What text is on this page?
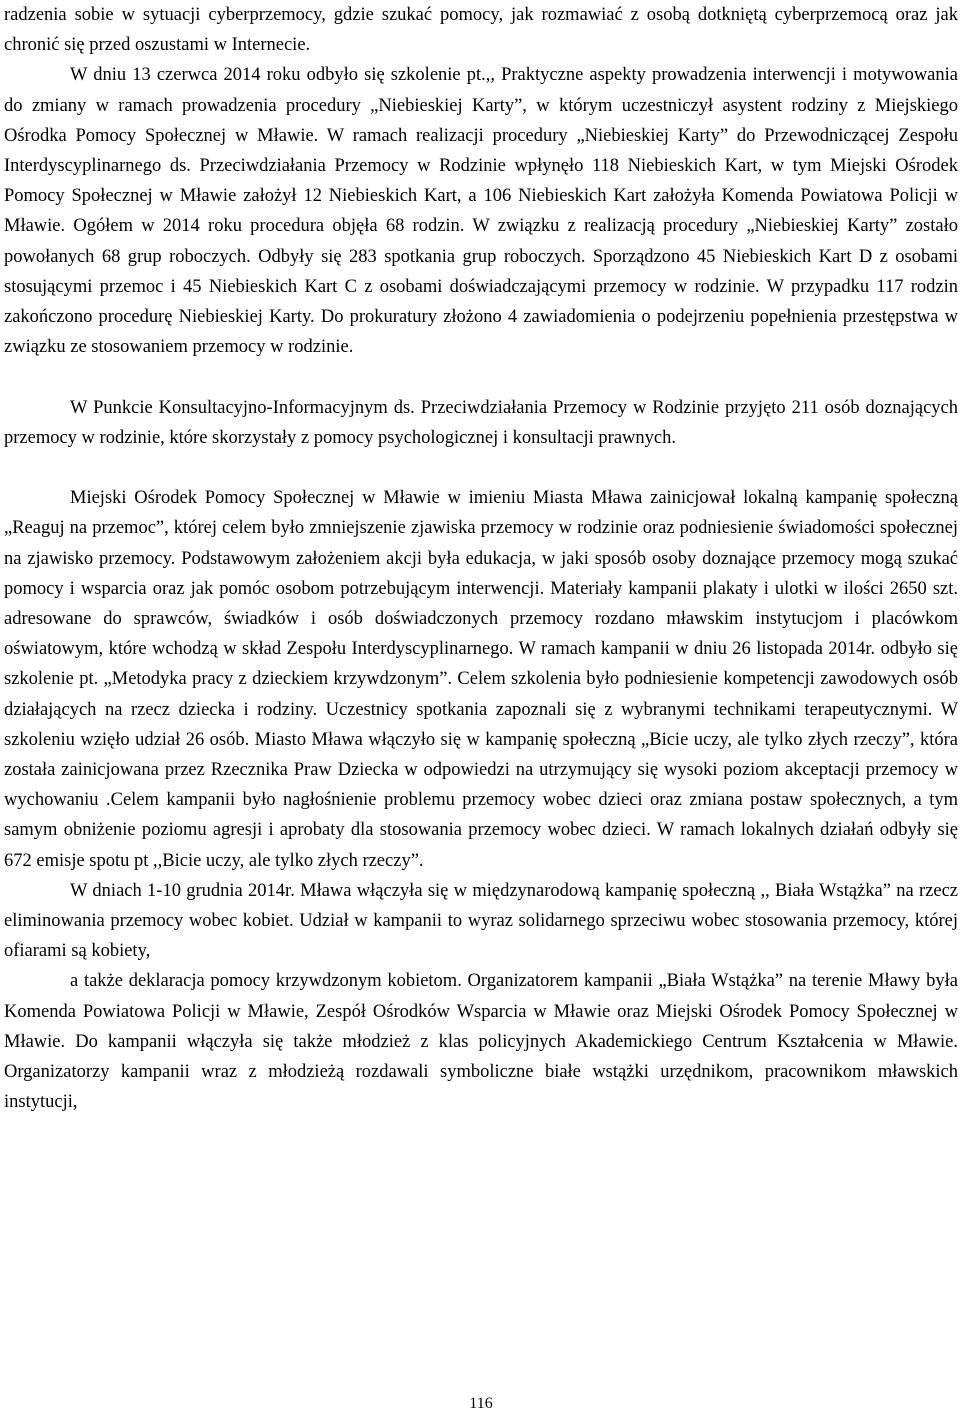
radzenia sobie w sytuacji cyberprzemocy, gdzie szukać pomocy, jak rozmawiać z osobą dotkniętą cyberprzemocą oraz jak chronić się przed oszustami w Internecie.

W dniu 13 czerwca 2014 roku odbyło się szkolenie pt.,, Praktyczne aspekty prowadzenia interwencji i motywowania do zmiany w ramach prowadzenia procedury „Niebieskiej Karty”, w którym uczestniczył asystent rodziny z Miejskiego Ośrodka Pomocy Społecznej w Mławie. W ramach realizacji procedury „Niebieskiej Karty” do Przewodniczącej Zespołu Interdyscyplinarnego ds. Przeciwdziałania Przemocy w Rodzinie wpłynęło 118 Niebieskich Kart, w tym Miejski Ośrodek Pomocy Społecznej w Mławie założył 12 Niebieskich Kart, a 106 Niebieskich Kart założyła Komenda Powiatowa Policji w Mławie. Ogółem w 2014 roku procedura objęła 68 rodzin. W związku z realizacją procedury „Niebieskiej Karty” zostało powołanych 68 grup roboczych. Odbyły się 283 spotkania grup roboczych. Sporządzono 45 Niebieskich Kart D z osobami stosującymi przemoc i 45 Niebieskich Kart C z osobami doświadczającymi przemocy w rodzinie. W przypadku 117 rodzin zakończono procedurę Niebieskiej Karty. Do prokuratury złożono 4 zawiadomienia o podejrzeniu popełnienia przestępstwa w związku ze stosowaniem przemocy w rodzinie.

W Punkcie Konsultacyjno-Informacyjnym ds. Przeciwdziałania Przemocy w Rodzinie przyjęto 211 osób doznających przemocy w rodzinie, które skorzystały z pomocy psychologicznej i konsultacji prawnych.

Miejski Ośrodek Pomocy Społecznej w Mławie w imieniu Miasta Mława zainicjował lokalną kampanię społeczną „Reaguj na przemoc”, której celem było zmniejszenie zjawiska przemocy w rodzinie oraz podniesienie świadomości społecznej na zjawisko przemocy. Podstawowym założeniem akcji była edukacja, w jaki sposób osoby doznające przemocy mogą szukać pomocy i wsparcia oraz jak pomóc osobom potrzebującym interwencji. Materiały kampanii plakaty i ulotki w ilości 2650 szt. adresowane do sprawców, świadków i osób doświadczonych przemocy rozdano mławskim instytucjom i placówkom oświatowym, które wchodzą w skład Zespołu Interdyscyplinarnego. W ramach kampanii w dniu 26 listopada 2014r. odbyło się szkolenie pt. „Metodyka pracy z dzieckiem krzywdzonym”. Celem szkolenia było podniesienie kompetencji zawodowych osób działających na rzecz dziecka i rodziny. Uczestnicy spotkania zapoznali się z wybranymi technikami terapeutycznymi. W szkoleniu wzięło udział 26 osób. Miasto Mława włączyło się w kampanię społeczną „Bicie uczy, ale tylko złych rzeczy”, która została zainicjowana przez Rzecznika Praw Dziecka w odpowiedzi na utrzymujący się wysoki poziom akceptacji przemocy w wychowaniu .Celem kampanii było nagłośnienie problemu przemocy wobec dzieci oraz zmiana postaw społecznych, a tym samym obniżenie poziomu agresji i aprobaty dla stosowania przemocy wobec dzieci. W ramach lokalnych działań odbyły się 672 emisje spotu pt ,,Bicie uczy, ale tylko złych rzeczy”.

W dniach 1-10 grudnia 2014r. Mława włączyła się w międzynarodową kampanię społeczną ,, Biała Wstążka” na rzecz eliminowania przemocy wobec kobiet. Udział w kampanii to wyraz solidarnego sprzeciwu wobec stosowania przemocy, której ofiarami są kobiety,

a także deklaracja pomocy krzywdzonym kobietom. Organizatorem kampanii „Biała Wstążka” na terenie Mławy była Komenda Powiatowa Policji w Mławie, Zespół Ośrodków Wsparcia w Mławie oraz Miejski Ośrodek Pomocy Społecznej w Mławie. Do kampanii włączyła się także młodzież z klas policyjnych Akademickiego Centrum Kształcenia w Mławie. Organizatorzy kampanii wraz z młodzieżą rozdawali symboliczne białe wstążki urzędnikom, pracownikom mławskich instytucji,

116
